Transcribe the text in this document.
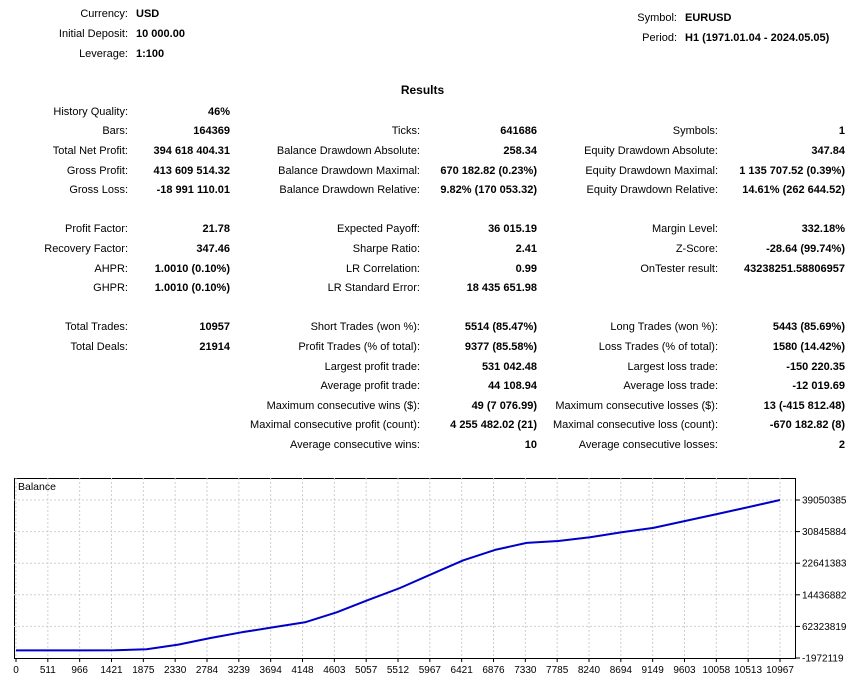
Currency: USD
Initial Deposit: 10 000.00
Leverage: 1:100
Symbol: EURUSD
Period: H1 (1971.01.04 - 2024.05.05)
Results
History Quality:	46%
Bars:	164369	Ticks:	641686	Symbols:	1
Total Net Profit:	394 618 404.31	Balance Drawdown Absolute:	258.34	Equity Drawdown Absolute:	347.84
Gross Profit:	413 609 514.32	Balance Drawdown Maximal:	670 182.82 (0.23%)	Equity Drawdown Maximal:	1 135 707.52 (0.39%)
Gross Loss:	-18 991 110.01	Balance Drawdown Relative:	9.82% (170 053.32)	Equity Drawdown Relative:	14.61% (262 644.52)
Profit Factor:	21.78	Expected Payoff:	36 015.19	Margin Level:	332.18%
Recovery Factor:	347.46	Sharpe Ratio:	2.41	Z-Score:	-28.64 (99.74%)
AHPR:	1.0010 (0.10%)	LR Correlation:	0.99	OnTester result:	43238251.58806957
GHPR:	1.0010 (0.10%)	LR Standard Error:	18 435 651.98
Total Trades:	10957	Short Trades (won %):	5514 (85.47%)	Long Trades (won %):	5443 (85.69%)
Total Deals:	21914	Profit Trades (% of total):	9377 (85.58%)	Loss Trades (% of total):	1580 (14.42%)
Largest profit trade:	531 042.48	Largest loss trade:	-150 220.35
Average profit trade:	44 108.94	Average loss trade:	-12 019.69
Maximum consecutive wins ($):	49 (7 076.99)	Maximum consecutive losses ($):	13 (-415 812.48)
Maximal consecutive profit (count):	4 255 482.02 (21)	Maximal consecutive loss (count):	-670 182.82 (8)
Average consecutive wins:	10	Average consecutive losses:	2
0 511 966 1421 1875 2330 2784 3239 3694 4148 4603 5057 5512 5967 6421 6876 7330 7785 8240 8694 9149 9603 10058 10513 10967
39050385
30845884
22641383
14436882
62323819
-1972119
Balance
